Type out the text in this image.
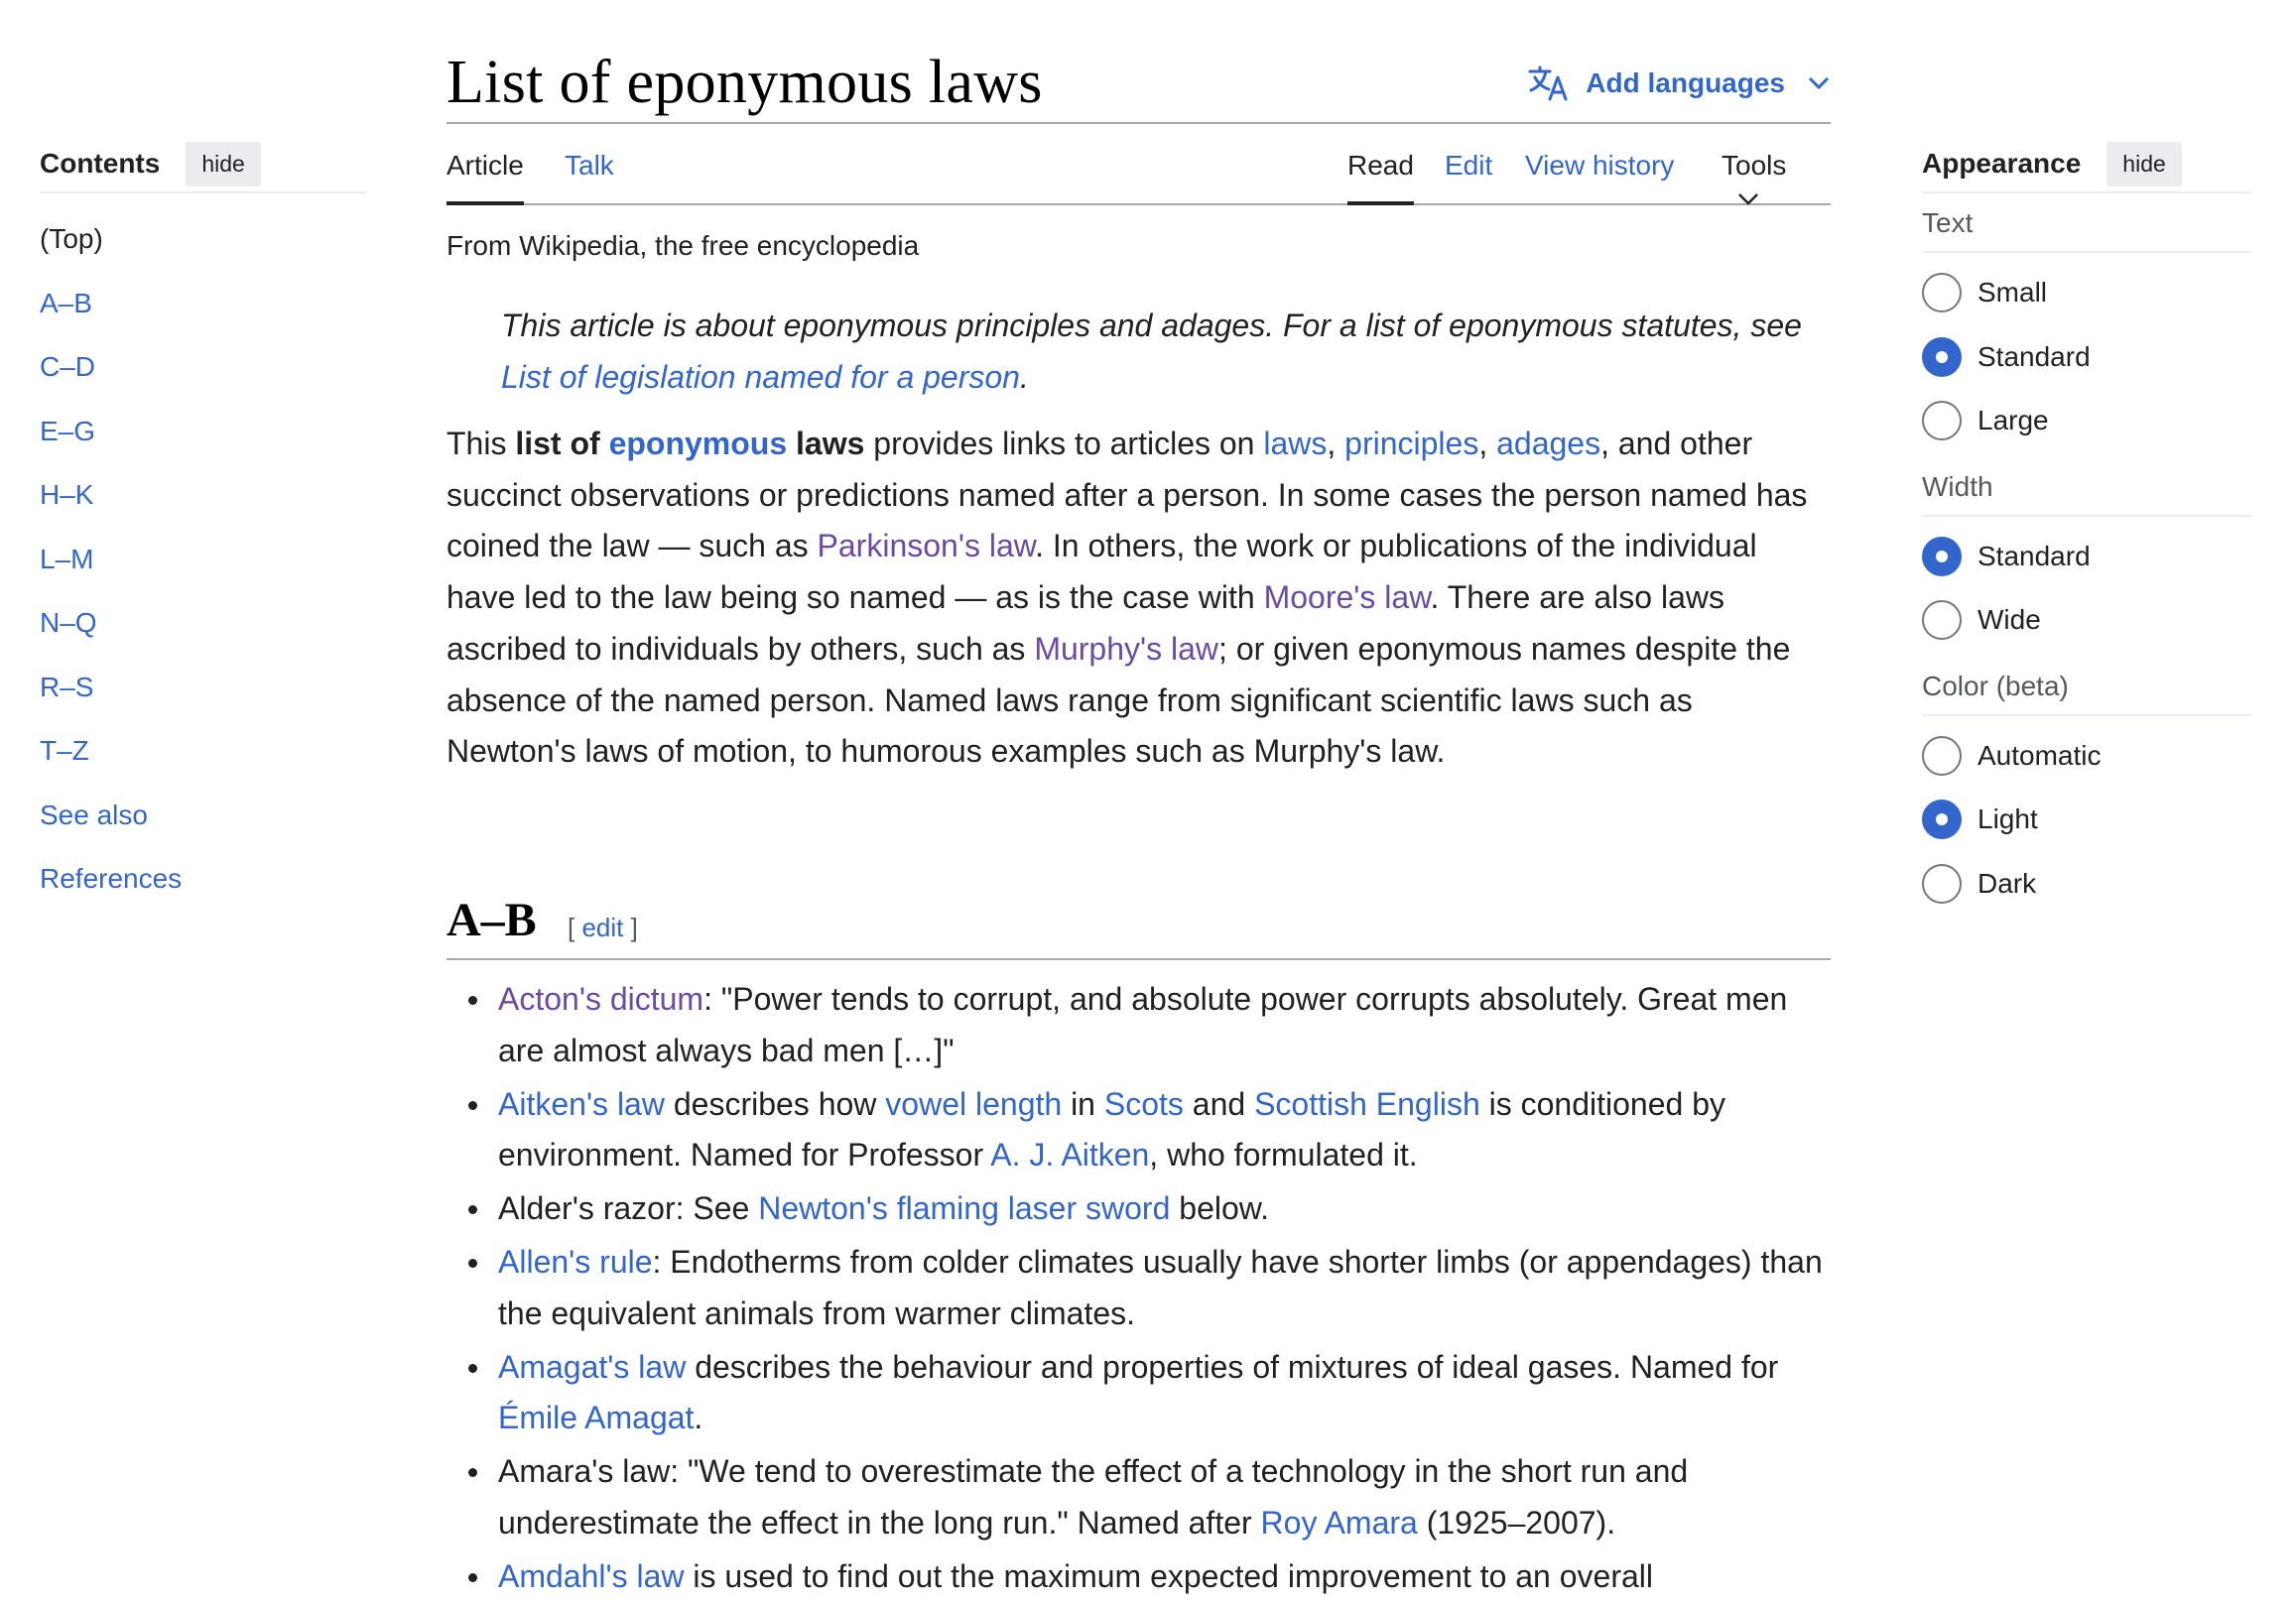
Contents	hide
(Top)
A–B
C–D
E–G
H–K
L–M
N–Q
R–S
T–Z
See also
References
List of eponymous laws	Add languages
Article Talk	Read Edit View history Tools
From Wikipedia, the free encyclopedia
This article is about eponymous principles and adages. For a list of eponymous statutes, see List of legislation named for a person.

This list of eponymous laws provides links to articles on laws, principles, adages, and other succinct observations or predictions named after a person. In some cases the person named has coined the law — such as Parkinson's law. In others, the work or publications of the individual have led to the law being so named — as is the case with Moore's law. There are also laws ascribed to individuals by others, such as Murphy's law; or given eponymous names despite the absence of the named person. Named laws range from significant scientific laws such as Newton's laws of motion, to humorous examples such as Murphy's law.

A–B [ edit ]
Acton's dictum: "Power tends to corrupt, and absolute power corrupts absolutely. Great men are almost always bad men […]"
Aitken's law describes how vowel length in Scots and Scottish English is conditioned by environment. Named for Professor A. J. Aitken, who formulated it.
Alder's razor: See Newton's flaming laser sword below.
Allen's rule: Endotherms from colder climates usually have shorter limbs (or appendages) than the equivalent animals from warmer climates.
Amagat's law describes the behaviour and properties of mixtures of ideal gases. Named for Émile Amagat.
Amara's law: "We tend to overestimate the effect of a technology in the short run and underestimate the effect in the long run." Named after Roy Amara (1925–2007).
Amdahl's law is used to find out the maximum expected improvement to an overall
Appearance	hide
Text
Small
Standard
Large
Width
Standard
Wide
Color (beta)
Automatic
Light
Dark
